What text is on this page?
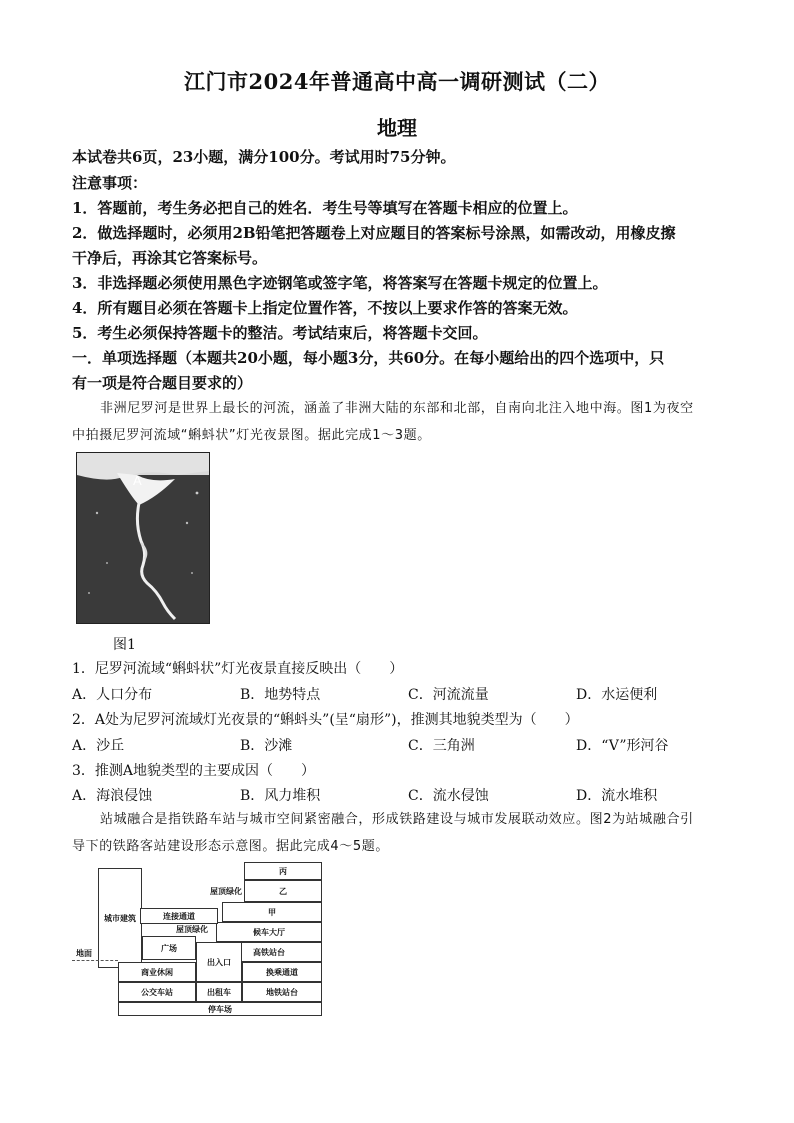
江门市2024年普通高中高一调研测试（二）
地理
本试卷共6页，23小题，满分100分。考试用时75分钟。
注意事项：
1．答题前，考生务必把自己的姓名．考生号等填写在答题卡相应的位置上。
2．做选择题时，必须用2B铅笔把答题卷上对应题目的答案标号涂黑，如需改动，用橡皮擦
干净后，再涂其它答案标号。
3．非选择题必须使用黑色字迹钢笔或签字笔，将答案写在答题卡规定的位置上。
4．所有题目必须在答题卡上指定位置作答，不按以上要求作答的答案无效。
5．考生必须保持答题卡的整洁。考试结束后，将答题卡交回。
一．单项选择题（本题共20小题，每小题3分，共60分。在每小题给出的四个选项中，只
有一项是符合题目要求的）
非洲尼罗河是世界上最长的河流，涵盖了非洲大陆的东部和北部，自南向北注入地中海。图1为夜空
中拍摄尼罗河流域“蝌蚪状”灯光夜景图。据此完成1～3题。
A
图1
1．尼罗河流域“蝌蚪状”灯光夜景直接反映出（　　）
A．人口分布	B．地势特点	C．河流流量	D．水运便利
2．A处为尼罗河流域灯光夜景的“蝌蚪头”(呈“扇形”)，推测其地貌类型为（　　）
A．沙丘	B．沙滩	C．三角洲	D．“V”形河谷
3．推测A地貌类型的主要成因（　　）
A．海浪侵蚀	B．风力堆积	C．流水侵蚀	D．流水堆积
站城融合是指铁路车站与城市空间紧密融合，形成铁路建设与城市发展联动效应。图2为站城融合引
导下的铁路客站建设形态示意图。据此完成4～5题。
丙
乙
甲
候车大厅
高铁站台
换乘通道
地铁站台
停车场
城市建筑	连接通道
广场
出入口
商业休闲
公交车站	出租车
屋顶绿化
屋顶绿化
地面
